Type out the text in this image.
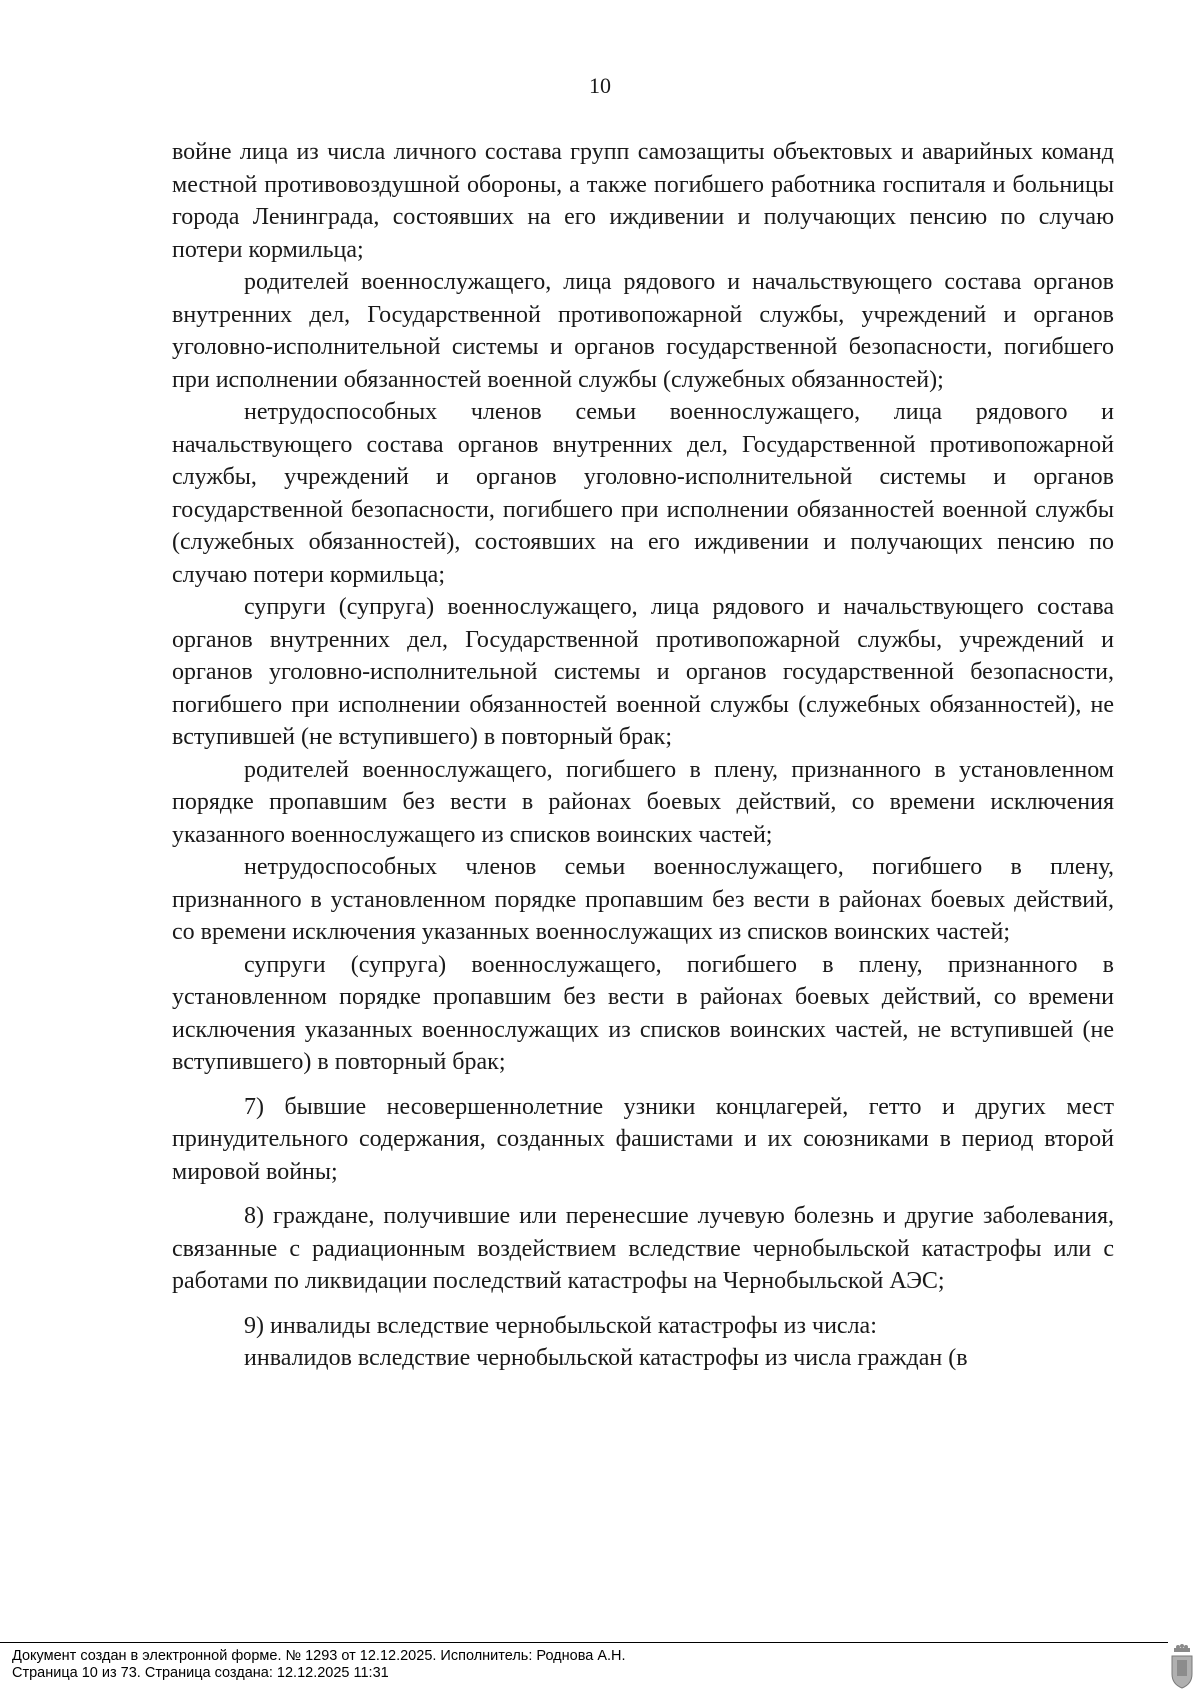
10

войне лица из числа личного состава групп самозащиты объектовых и аварийных команд местной противовоздушной обороны, а также погибшего работника госпиталя и больницы города Ленинграда, состоявших на его иждивении и получающих пенсию по случаю потери кормильца;

родителей военнослужащего, лица рядового и начальствующего состава органов внутренних дел, Государственной противопожарной службы, учреждений и органов уголовно-исполнительной системы и органов государственной безопасности, погибшего при исполнении обязанностей военной службы (служебных обязанностей);

нетрудоспособных членов семьи военнослужащего, лица рядового и начальствующего состава органов внутренних дел, Государственной противопожарной службы, учреждений и органов уголовно-исполнительной системы и органов государственной безопасности, погибшего при исполнении обязанностей военной службы (служебных обязанностей), состоявших на его иждивении и получающих пенсию по случаю потери кормильца;

супруги (супруга) военнослужащего, лица рядового и начальствующего состава органов внутренних дел, Государственной противопожарной службы, учреждений и органов уголовно-исполнительной системы и органов государственной безопасности, погибшего при исполнении обязанностей военной службы (служебных обязанностей), не вступившей (не вступившего) в повторный брак;

родителей военнослужащего, погибшего в плену, признанного в установленном порядке пропавшим без вести в районах боевых действий, со времени исключения указанного военнослужащего из списков воинских частей;

нетрудоспособных членов семьи военнослужащего, погибшего в плену, признанного в установленном порядке пропавшим без вести в районах боевых действий, со времени исключения указанных военнослужащих из списков воинских частей;

супруги (супруга) военнослужащего, погибшего в плену, признанного в установленном порядке пропавшим без вести в районах боевых действий, со времени исключения указанных военнослужащих из списков воинских частей, не вступившей (не вступившего) в повторный брак;

7) бывшие несовершеннолетние узники концлагерей, гетто и других мест принудительного содержания, созданных фашистами и их союзниками в период второй мировой войны;

8) граждане, получившие или перенесшие лучевую болезнь и другие заболевания, связанные с радиационным воздействием вследствие чернобыльской катастрофы или с работами по ликвидации последствий катастрофы на Чернобыльской АЭС;

9) инвалиды вследствие чернобыльской катастрофы из числа:

инвалидов вследствие чернобыльской катастрофы из числа граждан (в

Документ создан в электронной форме. № 1293 от 12.12.2025. Исполнитель: Роднова А.Н.
Страница 10 из 73. Страница создана: 12.12.2025 11:31
